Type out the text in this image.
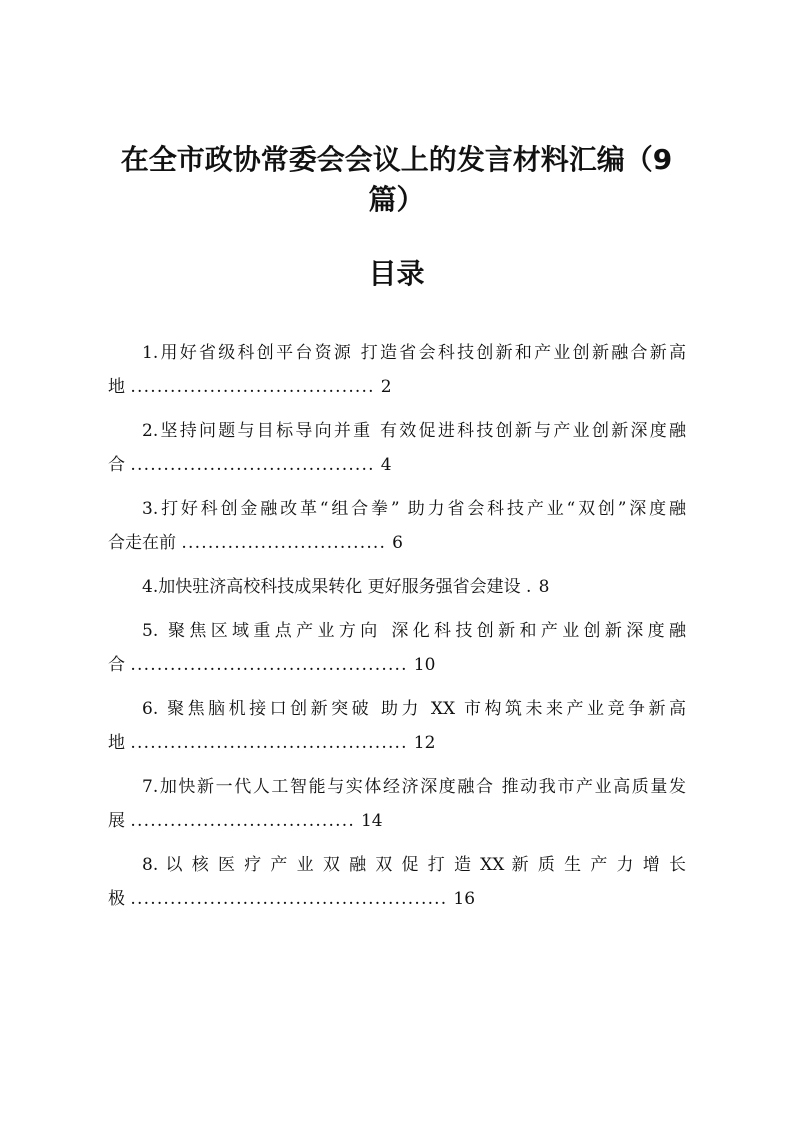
在全市政协常委会会议上的发言材料汇编（9
篇）
目录
1.用好省级科创平台资源 打造省会科技创新和产业创新融合新高
地 ..................................... 2
2.坚持问题与目标导向并重 有效促进科技创新与产业创新深度融
合 ..................................... 4
3.打好科创金融改革“组合拳” 助力省会科技产业“双创”深度融
合走在前 ............................... 6
4.加快驻济高校科技成果转化 更好服务强省会建设 . 8
5. 聚焦区域重点产业方向 深化科技创新和产业创新深度融
合 .......................................... 10
6. 聚焦脑机接口创新突破 助力 XX 市构筑未来产业竞争新高
地 .......................................... 12
7.加快新一代人工智能与实体经济深度融合 推动我市产业高质量发
展 .................................. 14
8. 以 核 医 疗 产 业 双 融 双 促 打 造 XX 新 质 生 产 力 增 长
极 ................................................ 16
